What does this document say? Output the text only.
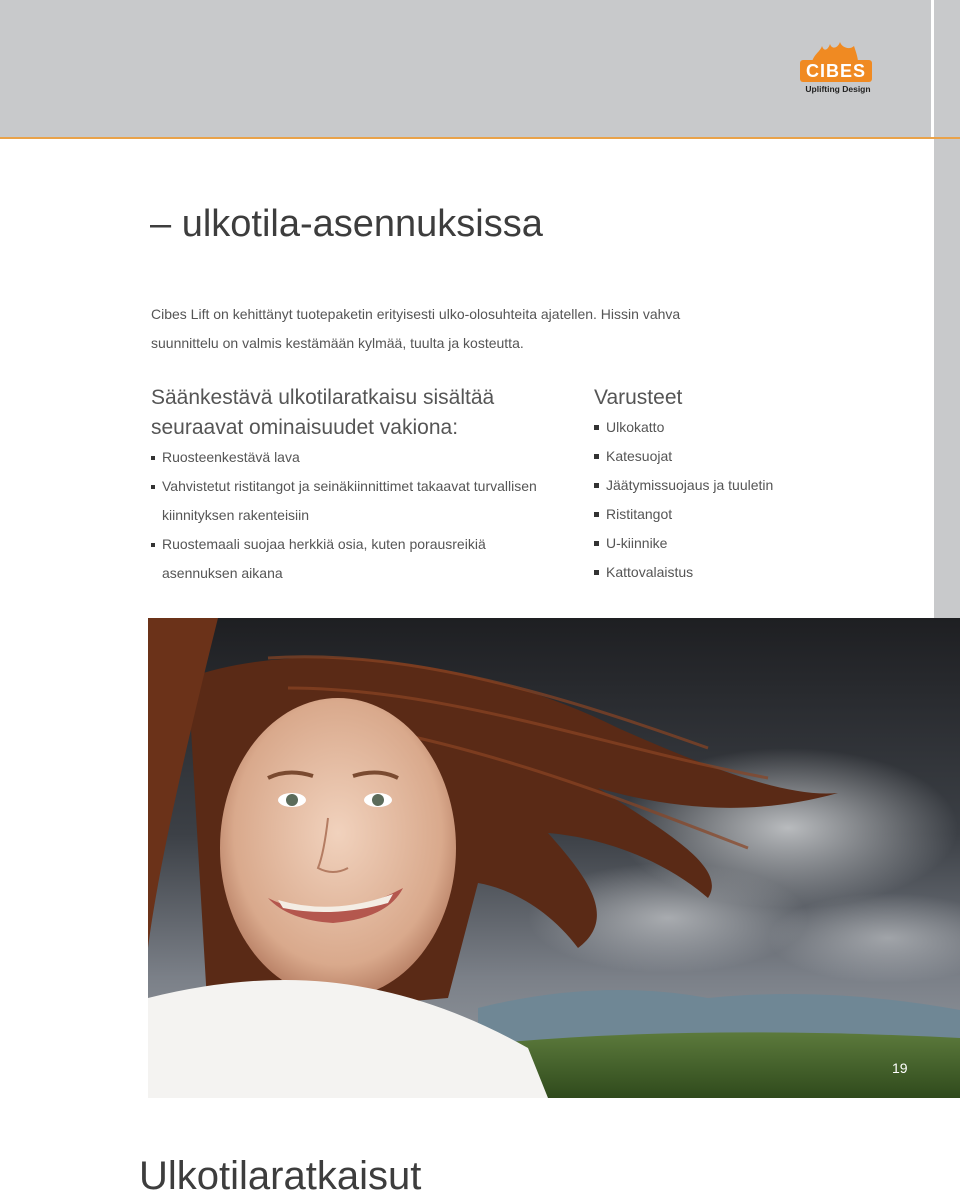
CIBES
Uplifting Design
– ulkotila-asennuksissa

Cibes Lift on kehittänyt tuotepaketin erityisesti ulko-olosuhteita ajatellen. Hissin vahva suunnittelu on valmis kestämään kylmää, tuulta ja kosteutta.

Säänkestävä ulkotilaratkaisu sisältää

seuraavat ominaisuudet vakiona:

Ruosteenkestävä lava
Vahvistetut ristitangot ja seinäkiinnittimet takaavat turvallisen kiinnityksen rakenteisiin
Ruostemaali suojaa herkkiä osia, kuten porausreikiä asennuksen aikana

Varusteet

Ulkokatto
Katesuojat
Jäätymissuojaus ja tuuletin
Ristitangot
U-kiinnike
Kattovalaistus
19
Ulkotilaratkaisut
